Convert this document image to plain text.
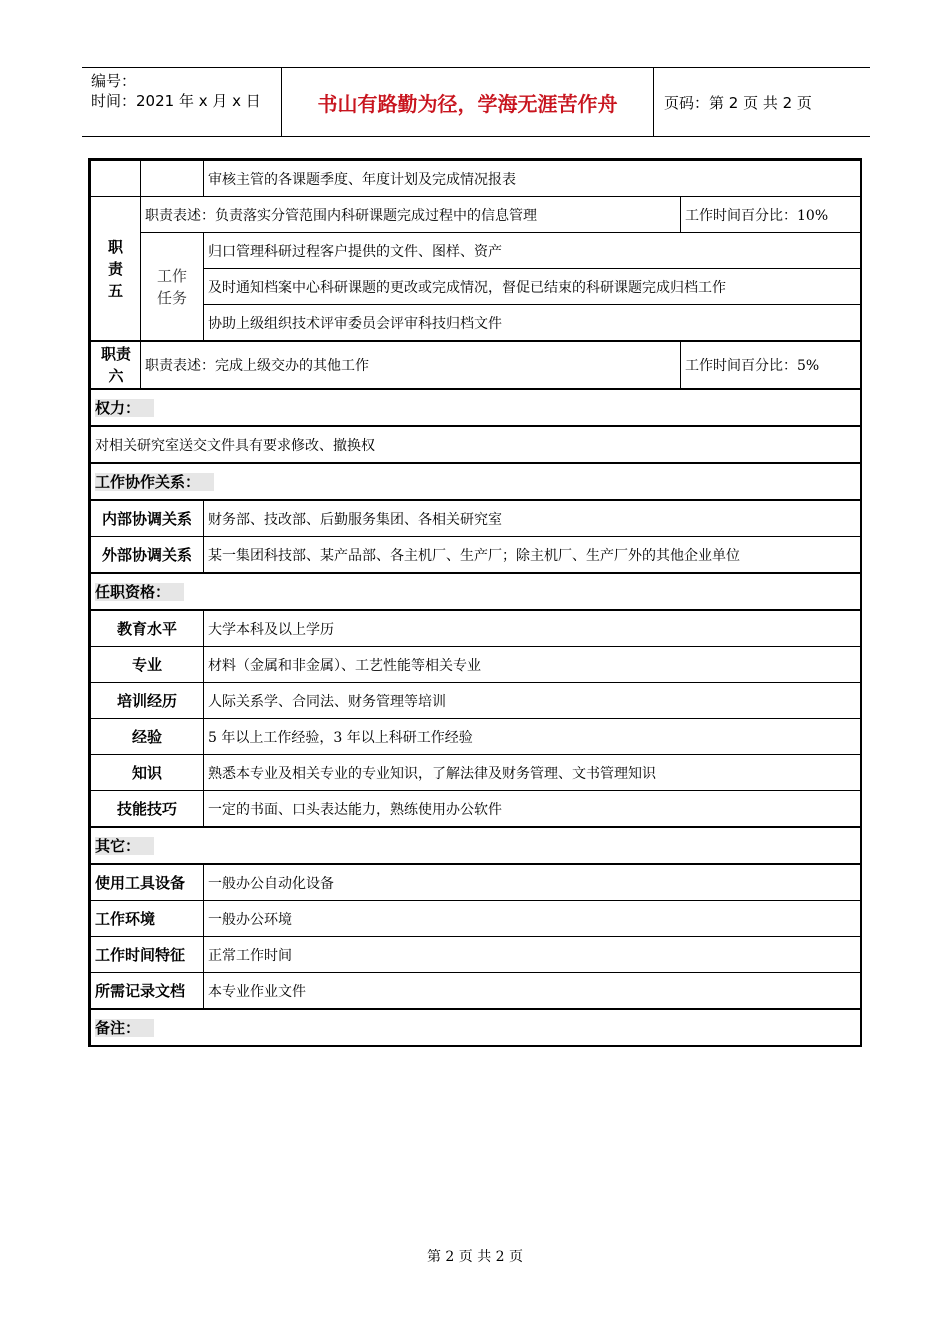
编号：
时间：2021 年 x 月 x 日	书山有路勤为径，学海无涯苦作舟	页码：第 2 页 共 2 页
		审核主管的各课题季度、年度计划及完成情况报表	
职责五	职责表述：负责落实分管范围内科研课题完成过程中的信息管理		工作时间百分比：10%
	工作任务	归口管理科研过程客户提供的文件、图样、资产	
		及时通知档案中心科研课题的更改或完成情况，督促已结束的科研课题完成归档工作	
		协助上级组织技术评审委员会评审科技归档文件	
职责六	职责表述：完成上级交办的其他工作		工作时间百分比：5%
权力：			
对相关研究室送交文件具有要求修改、撤换权			
工作协作关系：			
内部协调关系		财务部、技改部、后勤服务集团、各相关研究室	
外部协调关系		某一集团科技部、某产品部、各主机厂、生产厂；除主机厂、生产厂外的其他企业单位	
任职资格：			
教育水平		大学本科及以上学历	
专业		材料（金属和非金属）、工艺性能等相关专业	
培训经历		人际关系学、合同法、财务管理等培训	
经验		5 年以上工作经验，3 年以上科研工作经验	
知识		熟悉本专业及相关专业的专业知识，了解法律及财务管理、文书管理知识	
技能技巧		一定的书面、口头表达能力，熟练使用办公软件	
其它：			
使用工具设备		一般办公自动化设备	
工作环境		一般办公环境	
工作时间特征		正常工作时间	
所需记录文档		本专业作业文件	
备注：			
第 2 页 共 2 页
